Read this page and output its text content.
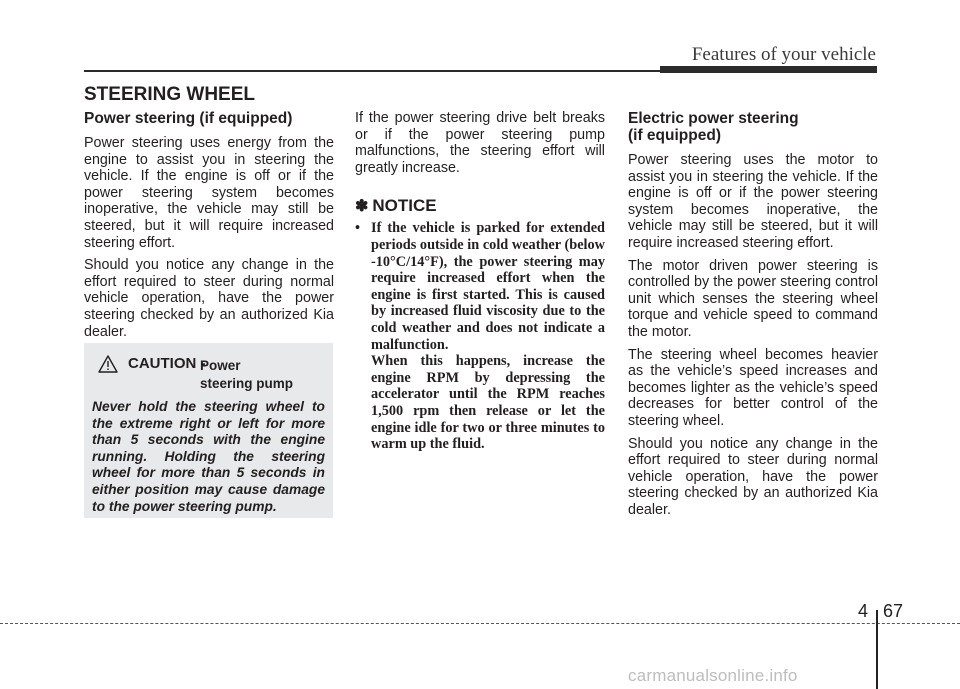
Features of your vehicle
STEERING WHEEL
Power steering (if equipped)

Power steering uses energy from the engine to assist you in steering the vehicle. If the engine is off or if the power steering system becomes inoperative, the vehicle may still be steered, but it will require increased steering effort.

Should you notice any change in the effort required to steer during normal vehicle operation, have the power steering checked by an authorized Kia dealer.

CAUTION -
Power
steering pump

Never hold the steering wheel to the extreme right or left for more than 5 seconds with the engine running. Holding the steering wheel for more than 5 seconds in either position may cause damage to the power steering pump.

If the power steering drive belt breaks or if the power steering pump malfunctions, the steering effort will greatly increase.

✽ NOTICE
• If the vehicle is parked for extended periods outside in cold weather (below -10°C/14°F), the power steering may require increased effort when the engine is first started. This is caused by increased fluid viscosity due to the cold weather and does not indicate a malfunction.
When this happens, increase the engine RPM by depressing the accelerator until the RPM reaches 1,500 rpm then release or let the engine idle for two or three minutes to warm up the fluid.
Electric power steering
(if equipped)

Power steering uses the motor to assist you in steering the vehicle. If the engine is off or if the power steering system becomes inoperative, the vehicle may still be steered, but it will require increased steering effort.

The motor driven power steering is controlled by the power steering control unit which senses the steering wheel torque and vehicle speed to command the motor.

The steering wheel becomes heavier as the vehicle’s speed increases and becomes lighter as the vehicle’s speed decreases for better control of the steering wheel.

Should you notice any change in the effort required to steer during normal vehicle operation, have the power steering checked by an authorized Kia dealer.

4 67
carmanualsonline.info
